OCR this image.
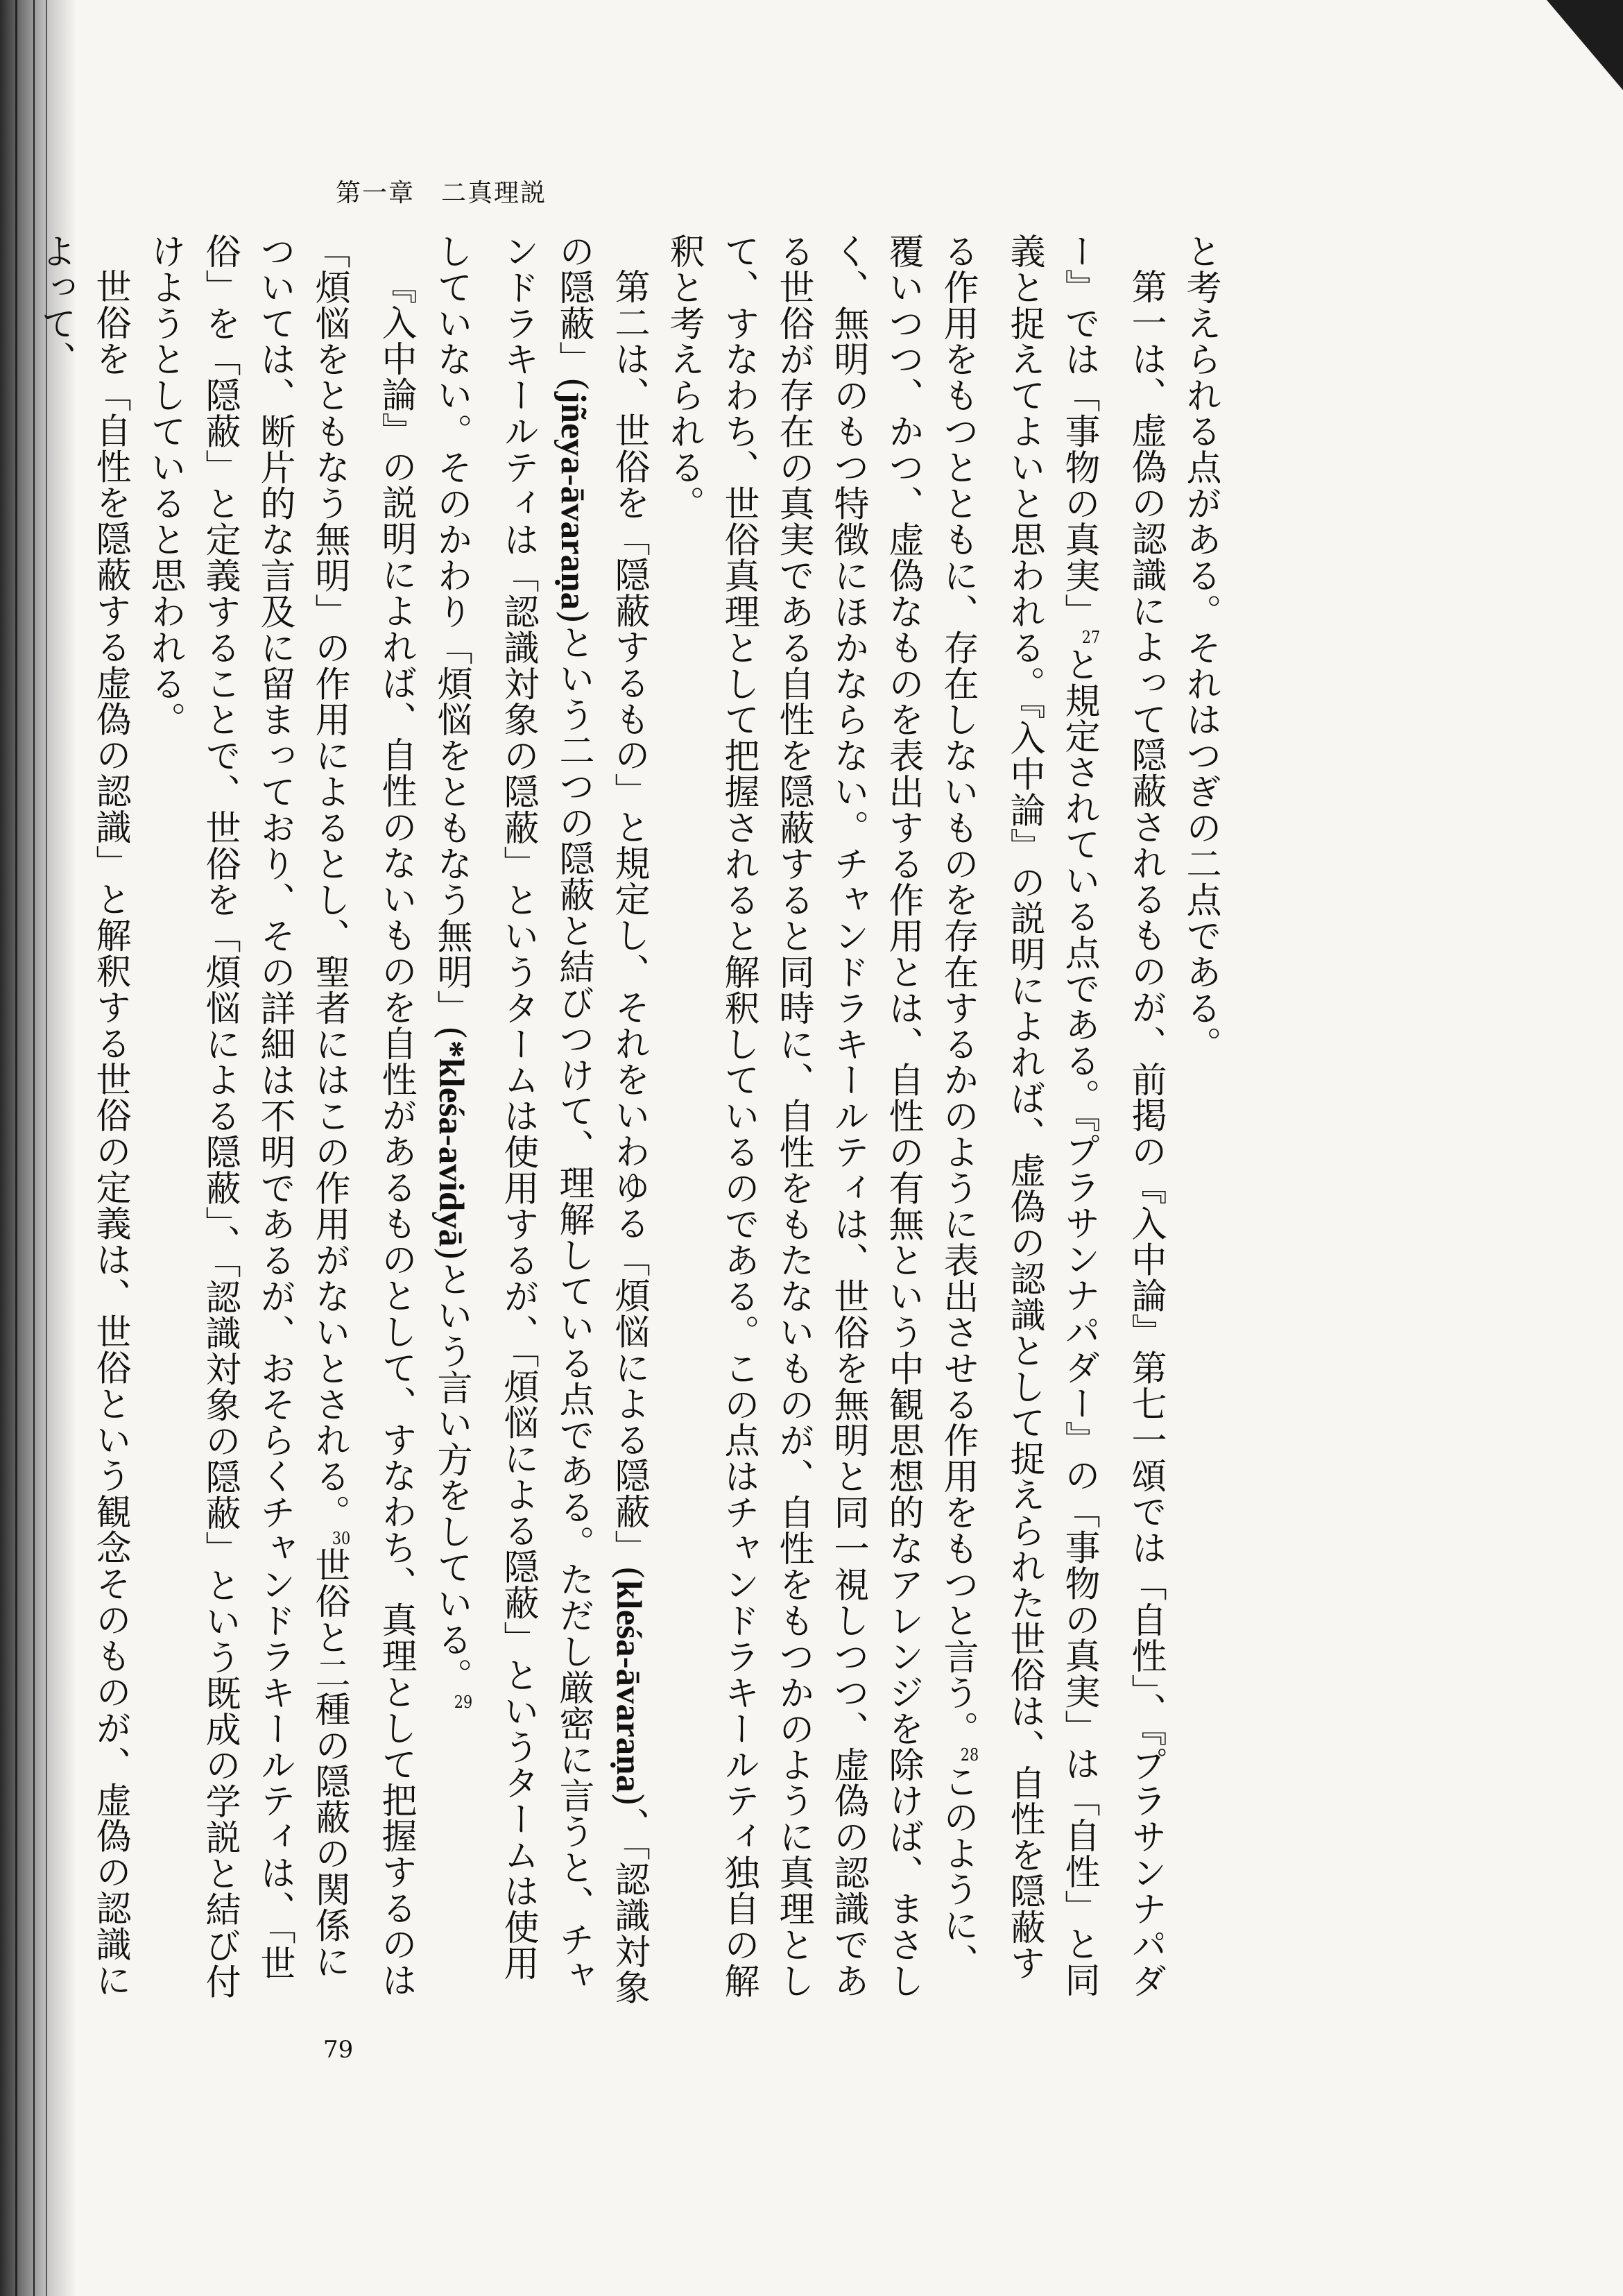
第一章　 二真理説

と考えられる点がある。それはつぎの二点である。

第一は、虚偽の認識によって隠蔽されるものが、前掲の『入中論』第七一頌では「自性」、『プラサンナパダー』では「事物の真実」$^{27}$と規定されている点である。『プラサンナパダー』の「事物の真実」は「自性」と同義と捉えてよいと思われる。『入中論』の説明によれば、虚偽の認識として捉えられた世俗は、自性を隠蔽する作用をもつとともに、存在しないものを存在するかのように表出させる作用をもつと言う。$^{28}$このように、覆いつつ、かつ、虚偽なものを表出する作用とは、自性の有無という中観思想的なアレンジを除けば、まさしく、無明のもつ特徴にほかならない。チャンドラキールティは、世俗を無明と同一視しつつ、虚偽の認識である世俗が存在の真実である自性を隠蔽すると同時に、自性をもたないものが、自性をもつかのように真理として、すなわち、世俗真理として把握されると解釈しているのである。この点はチャンドラキールティ独自の解釈と考えられる。

第二は、世俗を「隠蔽するもの」と規定し、それをいわゆる「煩悩による隠蔽」(kleśa-āvaraṇa)、「認識対象の隠蔽」(jñeya-āvaraṇa)という二つの隠蔽と結びつけて、理解している点である。ただし厳密に言うと、チャンドラキールティは「認識対象の隠蔽」というタームは使用するが、「煩悩による隠蔽」というタームは使用していない。そのかわり「煩悩をともなう無明」(*kleśa-avidyā)という言い方をしている。$^{29}$

『入中論』の説明によれば、自性のないものを自性があるものとして、すなわち、真理として把握するのは「煩悩をともなう無明」の作用によるとし、聖者にはこの作用がないとされる。$^{30}$世俗と二種の隠蔽の関係については、断片的な言及に留まっており、その詳細は不明であるが、おそらくチャンドラキールティは、「世俗」を「隠蔽」と定義することで、世俗を「煩悩による隠蔽」、「認識対象の隠蔽」という既成の学説と結び付けようとしていると思われる。

世俗を「自性を隠蔽する虚偽の認識」と解釈する世俗の定義は、世俗という観念そのものが、虚偽の認識によって、

79
